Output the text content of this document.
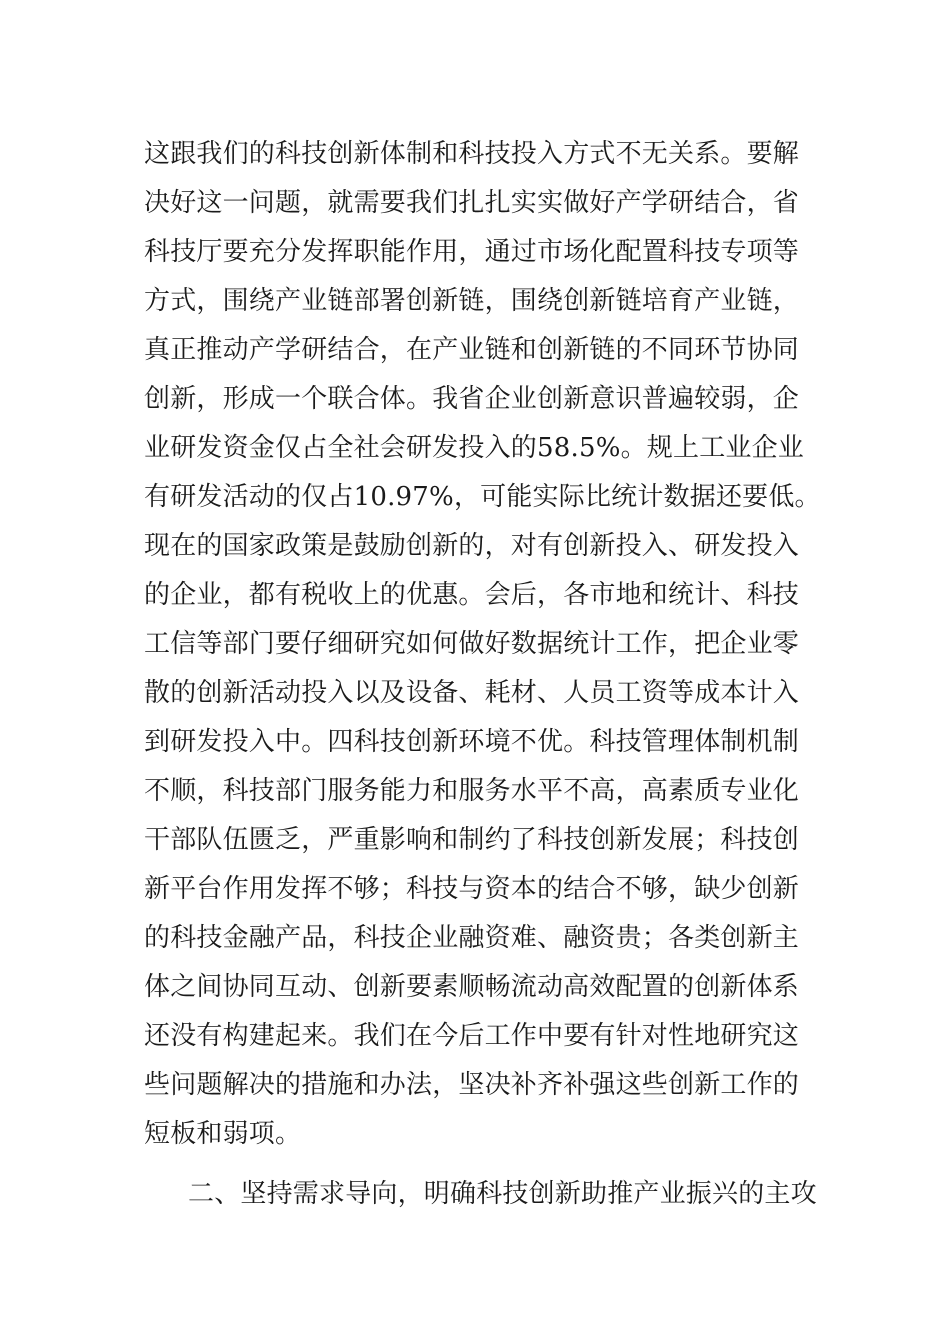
这跟我们的科技创新体制和科技投入方式不无关系。要解
决好这一问题，就需要我们扎扎实实做好产学研结合，省
科技厅要充分发挥职能作用，通过市场化配置科技专项等
方式，围绕产业链部署创新链，围绕创新链培育产业链，
真正推动产学研结合，在产业链和创新链的不同环节协同
创新，形成一个联合体。我省企业创新意识普遍较弱，企
业研发资金仅占全社会研发投入的58.5%。规上工业企业
有研发活动的仅占10.97%，可能实际比统计数据还要低。
现在的国家政策是鼓励创新的，对有创新投入、研发投入
的企业，都有税收上的优惠。会后，各市地和统计、科技
工信等部门要仔细研究如何做好数据统计工作，把企业零
散的创新活动投入以及设备、耗材、人员工资等成本计入
到研发投入中。四科技创新环境不优。科技管理体制机制
不顺，科技部门服务能力和服务水平不高，高素质专业化
干部队伍匮乏，严重影响和制约了科技创新发展；科技创
新平台作用发挥不够；科技与资本的结合不够，缺少创新
的科技金融产品，科技企业融资难、融资贵；各类创新主
体之间协同互动、创新要素顺畅流动高效配置的创新体系
还没有构建起来。我们在今后工作中要有针对性地研究这
些问题解决的措施和办法，坚决补齐补强这些创新工作的
短板和弱项。
二、坚持需求导向，明确科技创新助推产业振兴的主攻
